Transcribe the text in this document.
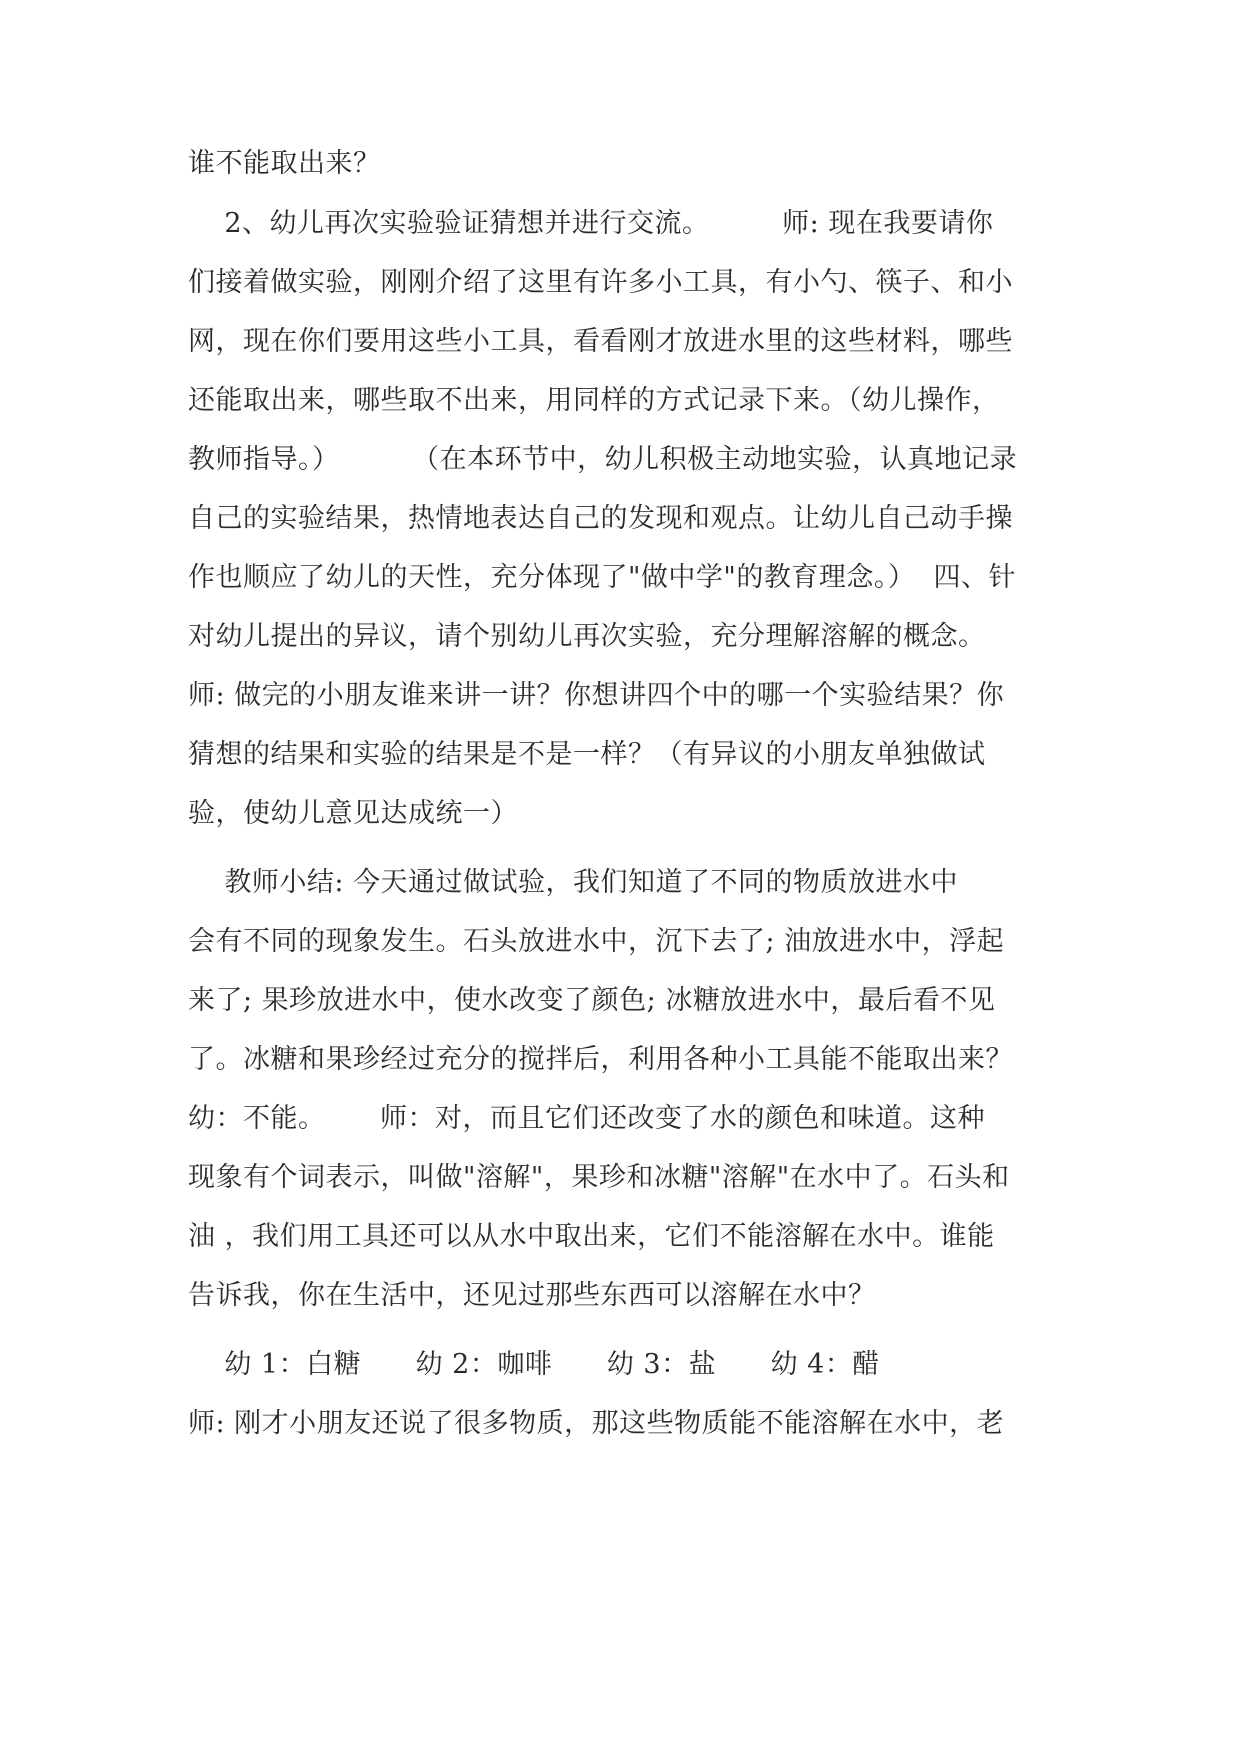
谁不能取出来？
2、幼儿再次实验验证猜想并进行交流。        师: 现在我要请你
们接着做实验，刚刚介绍了这里有许多小工具，有小勺、筷子、和小
网，现在你们要用这些小工具，看看刚才放进水里的这些材料，哪些
还能取出来，哪些取不出来，用同样的方式记录下来。（幼儿操作，
教师指导。）        （在本环节中，幼儿积极主动地实验，认真地记录
自己的实验结果，热情地表达自己的发现和观点。让幼儿自己动手操
作也顺应了幼儿的天性，充分体现了"做中学"的教育理念。）  四、针
对幼儿提出的异议，请个别幼儿再次实验，充分理解溶解的概念。
师: 做完的小朋友谁来讲一讲？你想讲四个中的哪一个实验结果？你
猜想的结果和实验的结果是不是一样？（有异议的小朋友单独做试
验，使幼儿意见达成统一）
教师小结: 今天通过做试验，我们知道了不同的物质放进水中
会有不同的现象发生。石头放进水中，沉下去了; 油放进水中，浮起
来了; 果珍放进水中，使水改变了颜色; 冰糖放进水中，最后看不见
了。冰糖和果珍经过充分的搅拌后，利用各种小工具能不能取出来？
幼：不能。      师：对，而且它们还改变了水的颜色和味道。这种
现象有个词表示，叫做"溶解"，果珍和冰糖"溶解"在水中了。石头和
油 ，我们用工具还可以从水中取出来，它们不能溶解在水中。谁能
告诉我，你在生活中，还见过那些东西可以溶解在水中？
幼 1：白糖      幼 2：咖啡      幼 3：盐      幼 4：醋
师: 刚才小朋友还说了很多物质，那这些物质能不能溶解在水中，老
